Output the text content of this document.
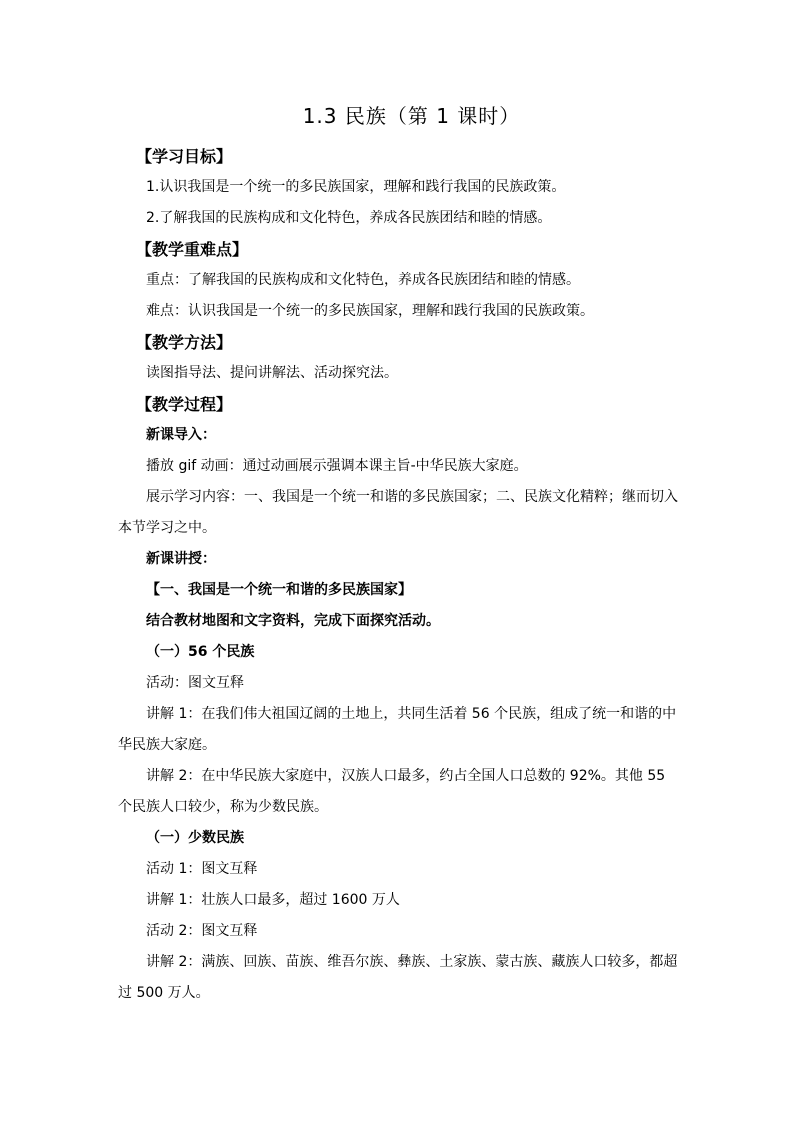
1.3 民族（第 1 课时）

【学习目标】

1.认识我国是一个统一的多民族国家，理解和践行我国的民族政策。

2.了解我国的民族构成和文化特色，养成各民族团结和睦的情感。

【教学重难点】

重点：了解我国的民族构成和文化特色，养成各民族团结和睦的情感。

难点：认识我国是一个统一的多民族国家，理解和践行我国的民族政策。

【教学方法】

读图指导法、提问讲解法、活动探究法。

【教学过程】

新课导入：

播放 gif 动画：通过动画展示强调本课主旨-中华民族大家庭。

展示学习内容：一、我国是一个统一和谐的多民族国家；二、民族文化精粹；继而切入本节学习之中。

新课讲授：

【一、我国是一个统一和谐的多民族国家】

结合教材地图和文字资料，完成下面探究活动。

（一）56 个民族

活动：图文互释

讲解 1：在我们伟大祖国辽阔的土地上，共同生活着 56 个民族，组成了统一和谐的中华民族大家庭。

讲解 2：在中华民族大家庭中，汉族人口最多，约占全国人口总数的 92%。其他 55 个民族人口较少，称为少数民族。

（一）少数民族

活动 1：图文互释

讲解 1：壮族人口最多，超过 1600 万人

活动 2：图文互释

讲解 2：满族、回族、苗族、维吾尔族、彝族、土家族、蒙古族、藏族人口较多，都超过 500 万人。
